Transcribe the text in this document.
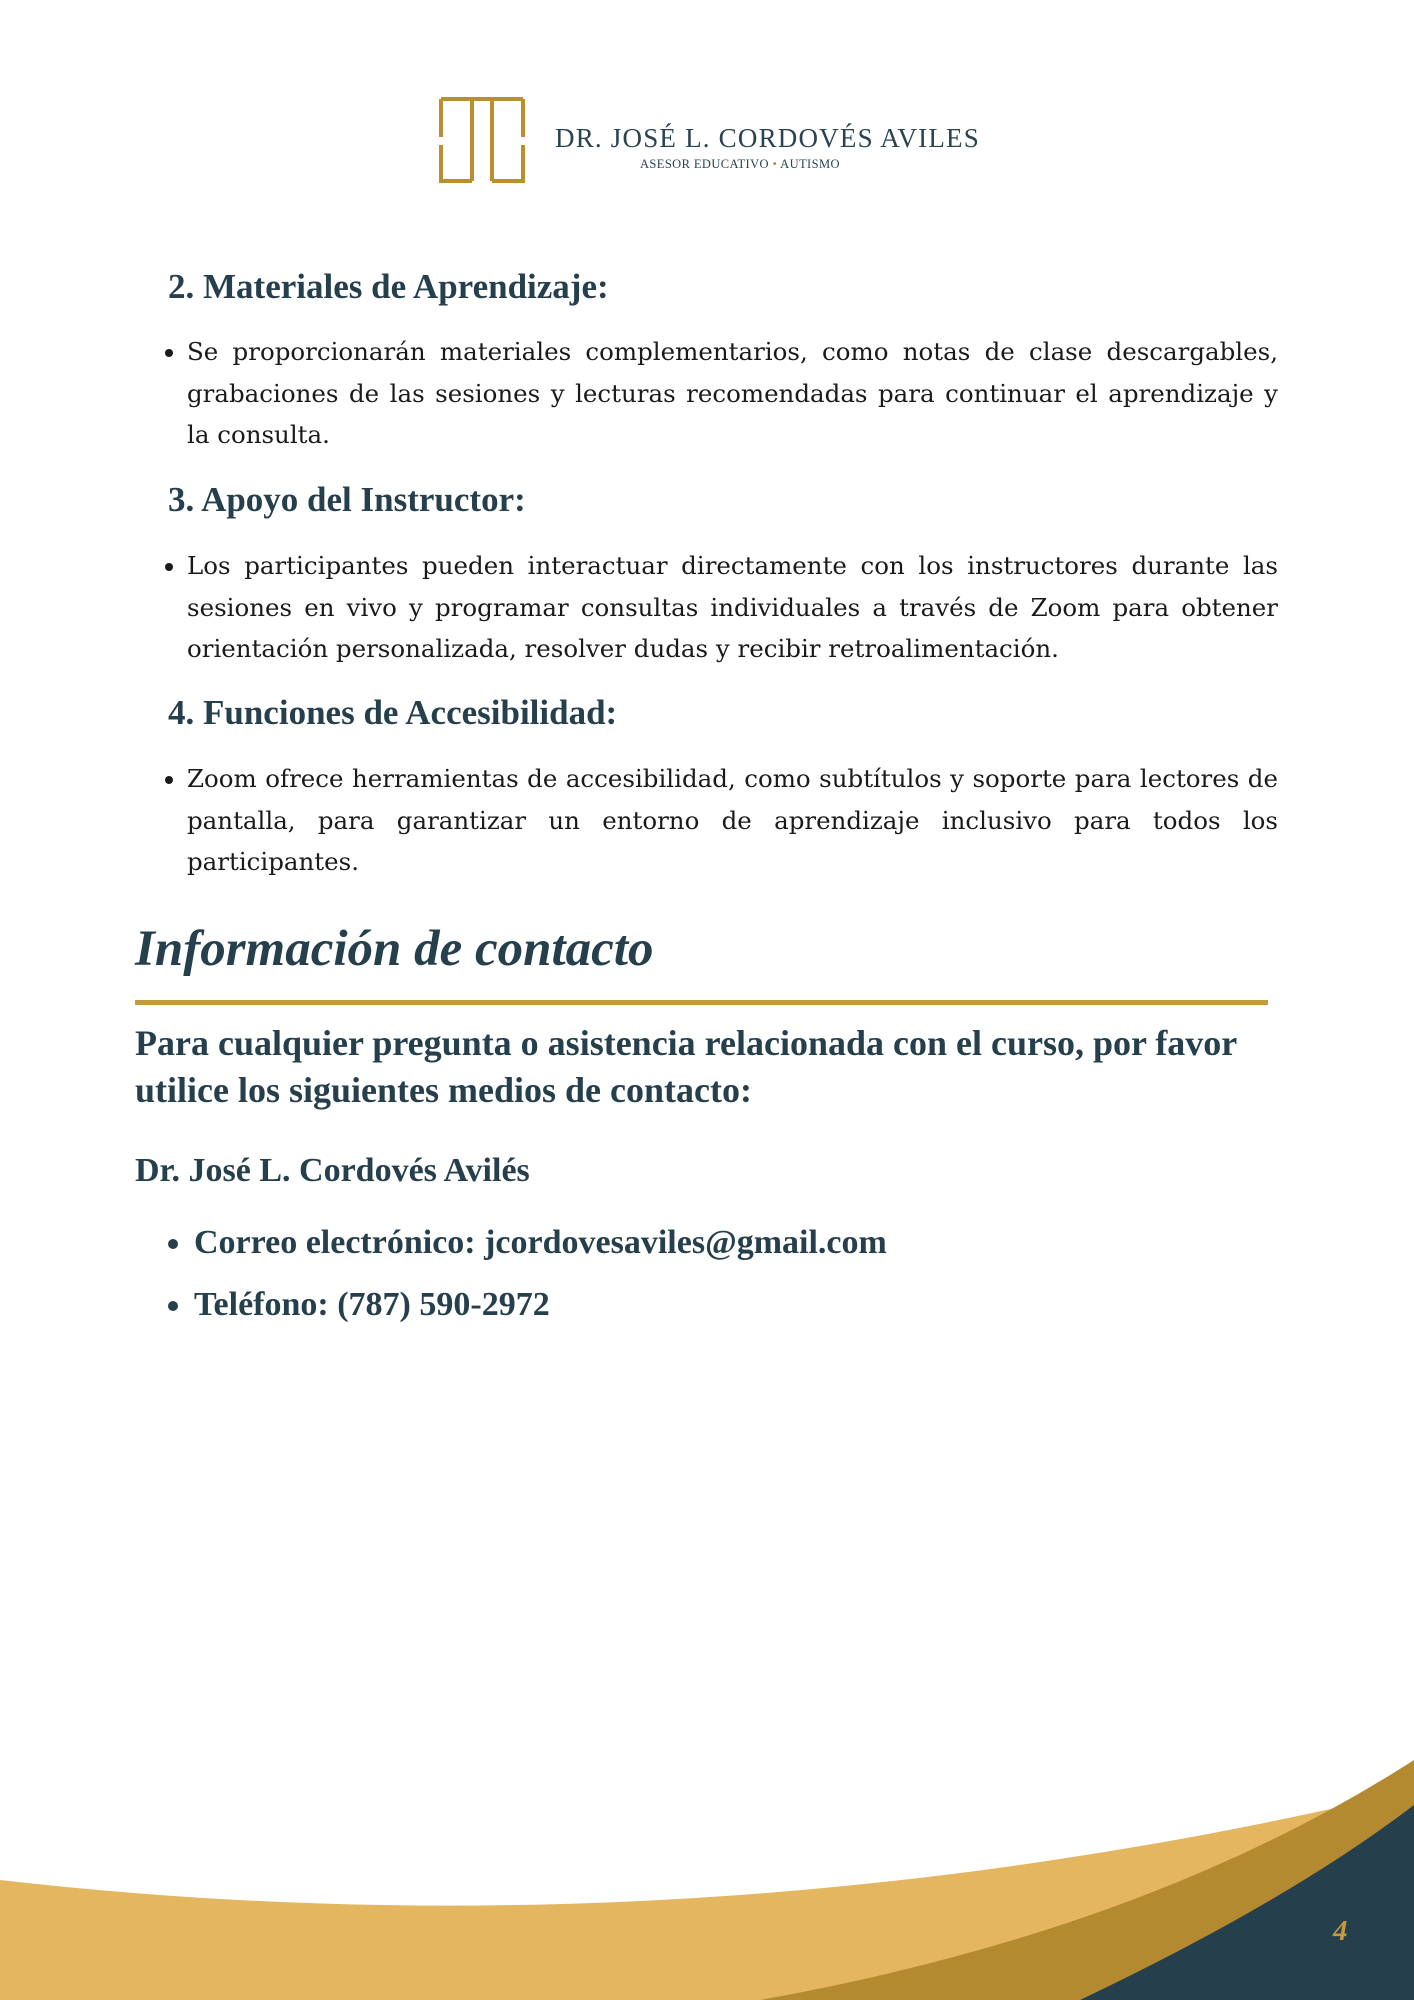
DR. JOSÉ L. CORDOVÉS AVILES
ASESOR EDUCATIVO • AUTISMO
2. Materiales de Aprendizaje:
• Se proporcionarán materiales complementarios, como notas de clase descargables, grabaciones de las sesiones y lecturas recomendadas para continuar el aprendizaje y la consulta.
3. Apoyo del Instructor:
• Los participantes pueden interactuar directamente con los instructores durante las sesiones en vivo y programar consultas individuales a través de Zoom para obtener orientación personalizada, resolver dudas y recibir retroalimentación.
4. Funciones de Accesibilidad:
• Zoom ofrece herramientas de accesibilidad, como subtítulos y soporte para lectores de pantalla, para garantizar un entorno de aprendizaje inclusivo para todos los participantes.
Información de contacto

Para cualquier pregunta o asistencia relacionada con el curso, por favor utilice los siguientes medios de contacto:

Dr. José L. Cordovés Avilés

• Correo electrónico: jcordovesaviles@gmail.com
• Teléfono: (787) 590-2972
4
